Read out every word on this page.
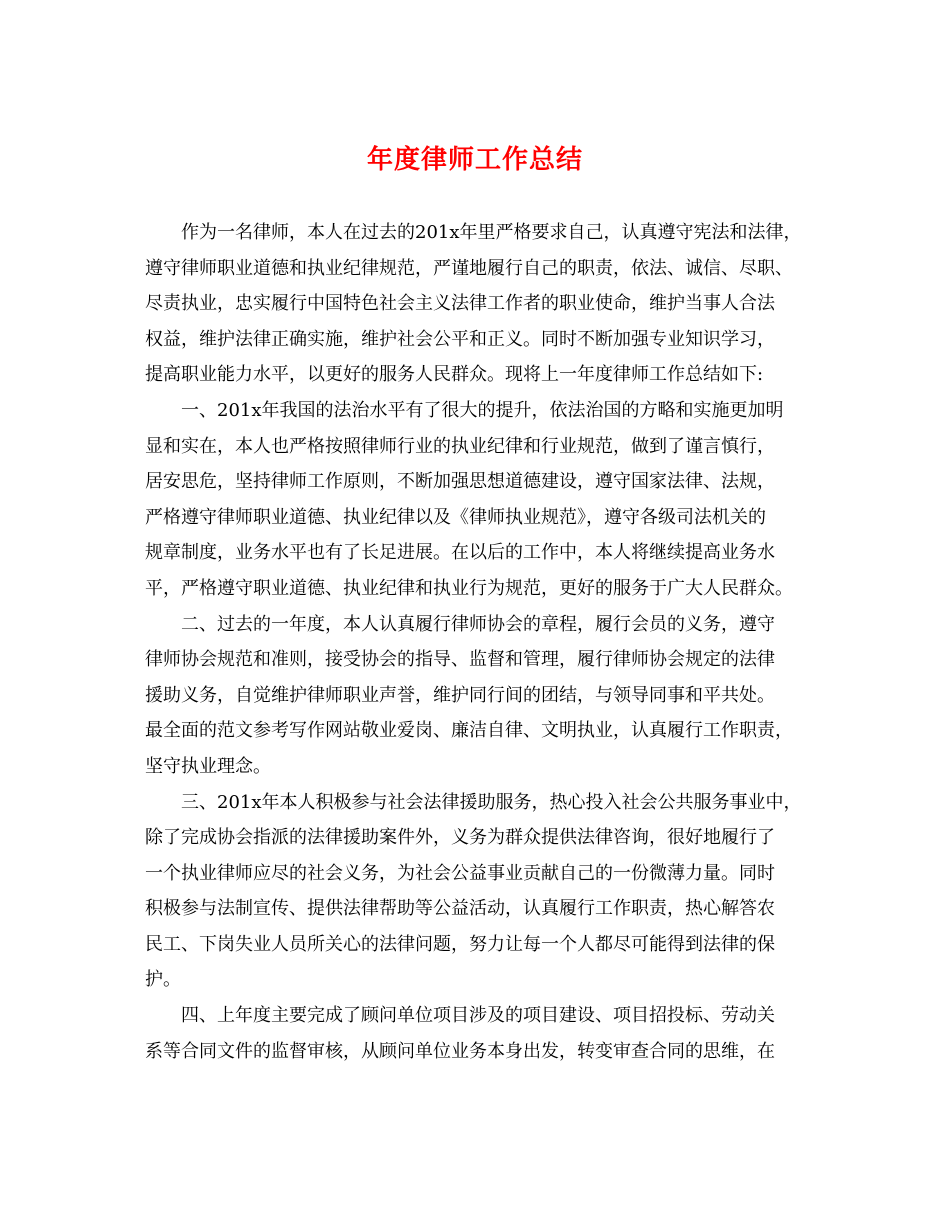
年度律师工作总结
作为一名律师，本人在过去的201x年里严格要求自己，认真遵守宪法和法律，
遵守律师职业道德和执业纪律规范，严谨地履行自己的职责，依法、诚信、尽职、
尽责执业，忠实履行中国特色社会主义法律工作者的职业使命，维护当事人合法
权益，维护法律正确实施，维护社会公平和正义。同时不断加强专业知识学习，
提高职业能力水平，以更好的服务人民群众。现将上一年度律师工作总结如下:
一、201x年我国的法治水平有了很大的提升，依法治国的方略和实施更加明
显和实在，本人也严格按照律师行业的执业纪律和行业规范，做到了谨言慎行，
居安思危，坚持律师工作原则，不断加强思想道德建设，遵守国家法律、法规，
严格遵守律师职业道德、执业纪律以及《律师执业规范》，遵守各级司法机关的
规章制度，业务水平也有了长足进展。在以后的工作中，本人将继续提高业务水
平，严格遵守职业道德、执业纪律和执业行为规范，更好的服务于广大人民群众。
二、过去的一年度，本人认真履行律师协会的章程，履行会员的义务，遵守
律师协会规范和准则，接受协会的指导、监督和管理，履行律师协会规定的法律
援助义务，自觉维护律师职业声誉，维护同行间的团结，与领导同事和平共处。
最全面的范文参考写作网站敬业爱岗、廉洁自律、文明执业，认真履行工作职责，
坚守执业理念。
三、201x年本人积极参与社会法律援助服务，热心投入社会公共服务事业中，
除了完成协会指派的法律援助案件外，义务为群众提供法律咨询，很好地履行了
一个执业律师应尽的社会义务，为社会公益事业贡献自己的一份微薄力量。同时
积极参与法制宣传、提供法律帮助等公益活动，认真履行工作职责，热心解答农
民工、下岗失业人员所关心的法律问题，努力让每一个人都尽可能得到法律的保
护。
四、上年度主要完成了顾问单位项目涉及的项目建设、项目招投标、劳动关
系等合同文件的监督审核，从顾问单位业务本身出发，转变审查合同的思维，在
